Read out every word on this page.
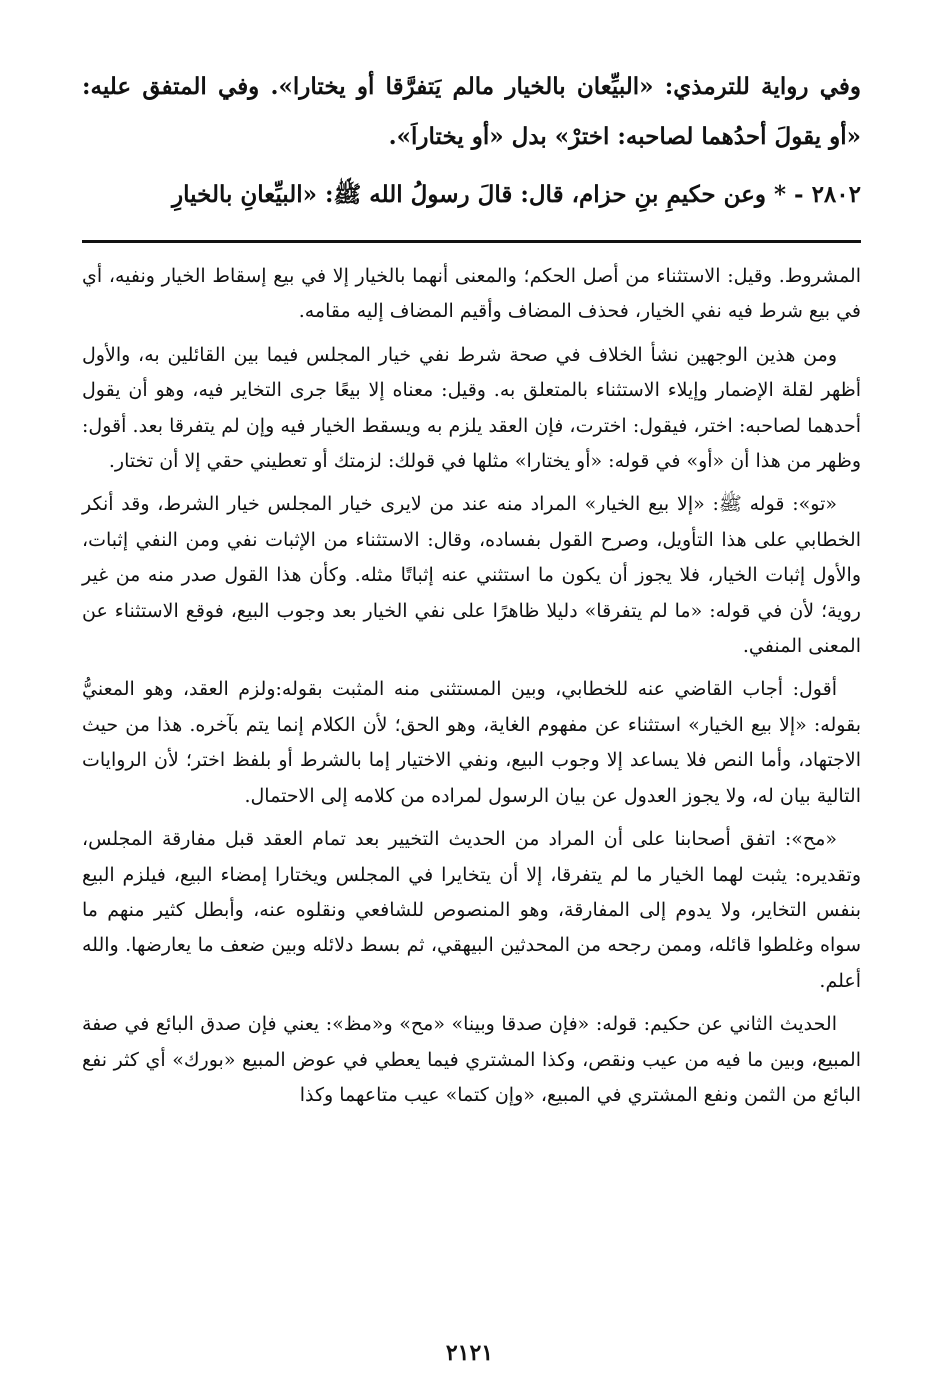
وفي رواية للترمذي: «البيِّعان بالخيار مالم يَتفرَّقا أو يختارا». وفي المتفق عليه: «أو يقولَ أحدُهما لصاحبه: اخترْ» بدل «أو يختاراَ».

٢٨٠٢ - * وعن حكيمِ بنِ حزام، قال: قالَ رسولُ الله ﷺ: «البيِّعانِ بالخيارِ

المشروط. وقيل: الاستثناء من أصل الحكم؛ والمعنى أنهما بالخيار إلا في بيع إسقاط الخيار ونفيه، أي في بيع شرط فيه نفي الخيار، فحذف المضاف وأقيم المضاف إليه مقامه.

ومن هذين الوجهين نشأ الخلاف في صحة شرط نفي خيار المجلس فيما بين القائلين به، والأول أظهر لقلة الإضمار وإيلاء الاستثناء بالمتعلق به. وقيل: معناه إلا بيعًا جرى التخاير فيه، وهو أن يقول أحدهما لصاحبه: اختر، فيقول: اخترت، فإن العقد يلزم به ويسقط الخيار فيه وإن لم يتفرقا بعد. أقول: وظهر من هذا أن «أو» في قوله: «أو يختارا» مثلها في قولك: لزمتك أو تعطيني حقي إلا أن تختار.

«تو»: قوله ﷺ: «إلا بيع الخيار» المراد منه عند من لايرى خيار المجلس خيار الشرط، وقد أنكر الخطابي على هذا التأويل، وصرح القول بفساده، وقال: الاستثناء من الإثبات نفي ومن النفي إثبات، والأول إثبات الخيار، فلا يجوز أن يكون ما استثني عنه إثباتًا مثله. وكأن هذا القول صدر منه من غير روية؛ لأن في قوله: «ما لم يتفرقا» دليلا ظاهرًا على نفي الخيار بعد وجوب البيع، فوقع الاستثناء عن المعنى المنفي.

أقول: أجاب القاضي عنه للخطابي، وبين المستثنى منه المثبت بقوله:ولزم العقد، وهو المعنيُّ بقوله: «إلا بيع الخيار» استثناء عن مفهوم الغاية، وهو الحق؛ لأن الكلام إنما يتم بآخره. هذا من حيث الاجتهاد، وأما النص فلا يساعد إلا وجوب البيع، ونفي الاختيار إما بالشرط أو بلفظ اختر؛ لأن الروايات التالية بيان له، ولا يجوز العدول عن بيان الرسول لمراده من كلامه إلى الاحتمال.

«مح»: اتفق أصحابنا على أن المراد من الحديث التخيير بعد تمام العقد قبل مفارقة المجلس، وتقديره: يثبت لهما الخيار ما لم يتفرقا، إلا أن يتخايرا في المجلس ويختارا إمضاء البيع، فيلزم البيع بنفس التخاير، ولا يدوم إلى المفارقة، وهو المنصوص للشافعي ونقلوه عنه، وأبطل كثير منهم ما سواه وغلطوا قائله، وممن رجحه من المحدثين البيهقي، ثم بسط دلائله وبين ضعف ما يعارضها. والله أعلم.

الحديث الثاني عن حكيم: قوله: «فإن صدقا وبينا» «مح» و«مظ»: يعني فإن صدق البائع في صفة المبيع، وبين ما فيه من عيب ونقص، وكذا المشتري فيما يعطي في عوض المبيع «بورك» أي كثر نفع البائع من الثمن ونفع المشتري في المبيع، «وإن كتما» عيب متاعهما وكذا

٢١٢١
